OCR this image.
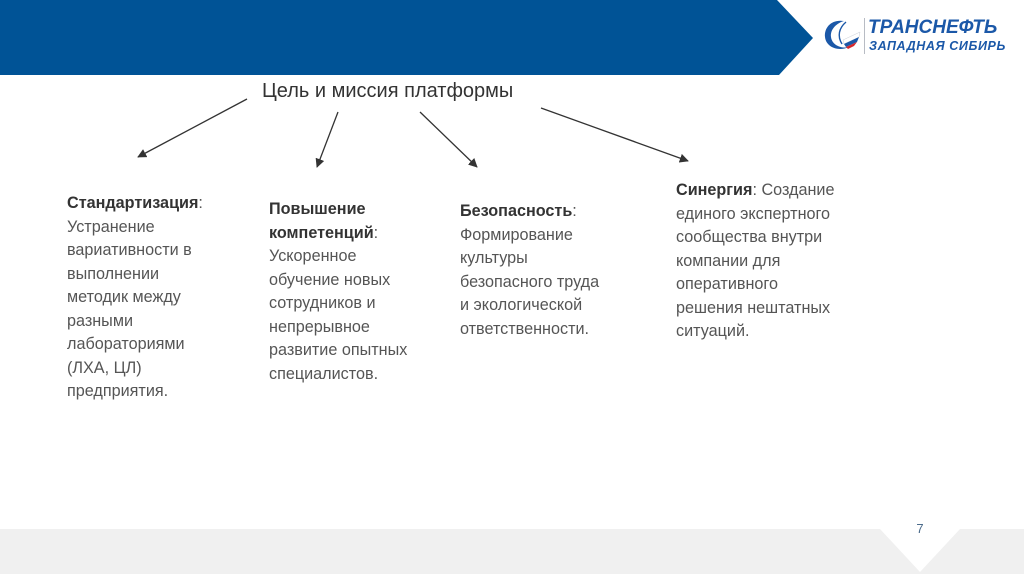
ТРАНСНЕФТЬ
ЗАПАДНАЯ СИБИРЬ
Цель и миссия платформы
Стандартизация:
Устранение
вариативности в
выполнении
методик между
разными
лабораториями
(ЛХА, ЦЛ)
предприятия.
Повышение
компетенций:
Ускоренное
обучение новых
сотрудников и
непрерывное
развитие опытных
специалистов.
Безопасность:
Формирование
культуры
безопасного труда
и экологической
ответственности.
Синергия: Создание
единого экспертного
сообщества внутри
компании для
оперативного
решения нештатных
ситуаций.
7
